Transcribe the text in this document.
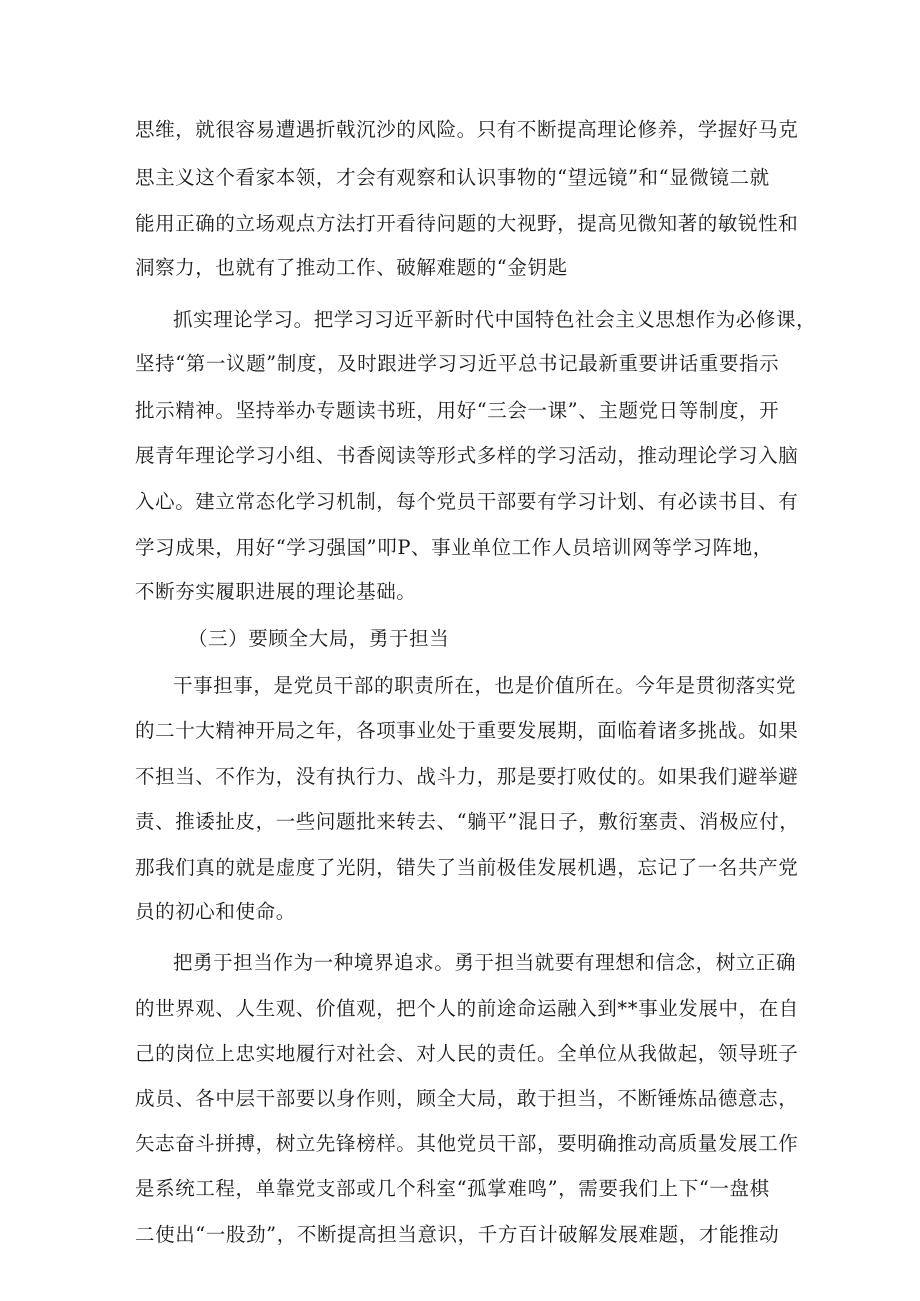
思维，就很容易遭遇折戟沉沙的风险。只有不断提高理论修养，学握好马克
思主义这个看家本领，才会有观察和认识事物的“望远镜”和“显微镜二就
能用正确的立场观点方法打开看待问题的大视野，提高见微知著的敏锐性和
洞察力，也就有了推动工作、破解难题的“金钥匙
抓实理论学习。把学习习近平新时代中国特色社会主义思想作为必修课，
坚持“第一议题”制度，及时跟进学习习近平总书记最新重要讲话重要指示
批示精神。坚持举办专题读书班，用好“三会一课”、主题党日等制度，开
展青年理论学习小组、书香阅读等形式多样的学习活动，推动理论学习入脑
入心。建立常态化学习机制，每个党员干部要有学习计划、有必读书目、有
学习成果，用好“学习强国”叩P、事业单位工作人员培训网等学习阵地，
不断夯实履职进展的理论基础。
（三）要顾全大局，勇于担当
干事担事，是党员干部的职责所在，也是价值所在。今年是贯彻落实党
的二十大精神开局之年，各项事业处于重要发展期，面临着诸多挑战。如果
不担当、不作为，没有执行力、战斗力，那是要打败仗的。如果我们避举避
责、推诿扯皮，一些问题批来转去、“躺平”混日子，敷衍塞责、消极应付，
那我们真的就是虚度了光阴，错失了当前极佳发展机遇，忘记了一名共产党
员的初心和使命。
把勇于担当作为一种境界追求。勇于担当就要有理想和信念，树立正确
的世界观、人生观、价值观，把个人的前途命运融入到**事业发展中，在自
己的岗位上忠实地履行对社会、对人民的责任。全单位从我做起，领导班子
成员、各中层干部要以身作则，顾全大局，敢于担当，不断锤炼品德意志，
矢志奋斗拼搏，树立先锋榜样。其他党员干部，要明确推动高质量发展工作
是系统工程，单靠党支部或几个科室“孤掌难鸣”，需要我们上下“一盘棋
二使出“一股劲”，不断提高担当意识，千方百计破解发展难题，才能推动
